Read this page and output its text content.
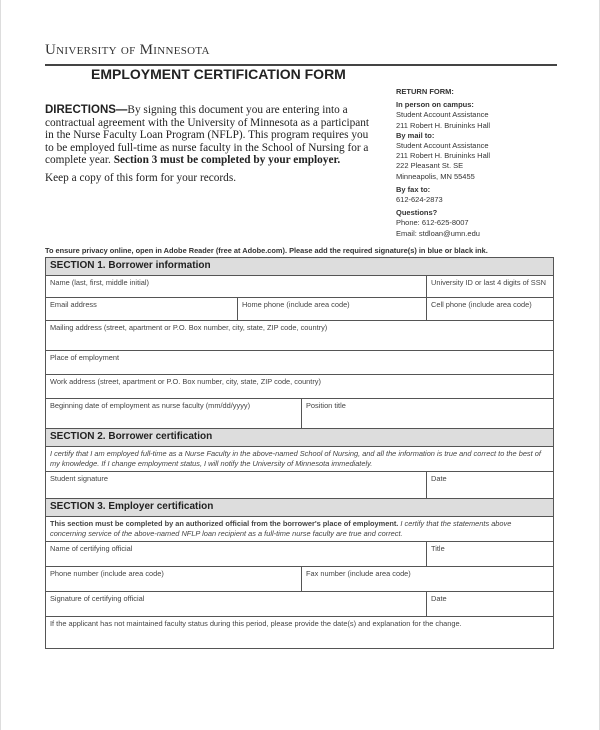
University of Minnesota
EMPLOYMENT CERTIFICATION FORM
DIRECTIONS—By signing this document you are entering into a contractual agreement with the University of Minnesota as a participant in the Nurse Faculty Loan Program (NFLP). This program requires you to be employed full-time as nurse faculty in the School of Nursing for a complete year. Section 3 must be completed by your employer.
Keep a copy of this form for your records.
RETURN FORM:
In person on campus:
Student Account Assistance
211 Robert H. Bruininks Hall
By mail to:
Student Account Assistance
211 Robert H. Bruininks Hall
222 Pleasant St. SE
Minneapolis, MN 55455
By fax to:
612-624-2873
Questions?
Phone: 612-625-8007
Email: stdloan@umn.edu
To ensure privacy online, open in Adobe Reader (free at Adobe.com). Please add the required signature(s) in blue or black ink.
SECTION 1. Borrower information			
Name (last, first, middle initial)			University ID or last 4 digits of SSN
Email address	Home phone (include area code)		Cell phone (include area code)
Mailing address (street, apartment or P.O. Box number, city, state, ZIP code, country)			
Place of employment			
Work address (street, apartment or P.O. Box number, city, state, ZIP code, country)			
Beginning date of employment as nurse faculty (mm/dd/yyyy)		Position title	
SECTION 2. Borrower certification			
I certify that I am employed full-time as a Nurse Faculty in the above-named School of Nursing, and all the information is true and correct to the best of my knowledge. If I change employment status, I will notify the University of Minnesota immediately.			
Student signature			Date
SECTION 3. Employer certification			
This section must be completed by an authorized official from the borrower's place of employment. I certify that the statements above concerning service of the above-named NFLP loan recipient as a full-time nurse faculty are true and correct.			
Name of certifying official			Title
Phone number (include area code)		Fax number (include area code)	
Signature of certifying official			Date
If the applicant has not maintained faculty status during this period, please provide the date(s) and explanation for the change.			
